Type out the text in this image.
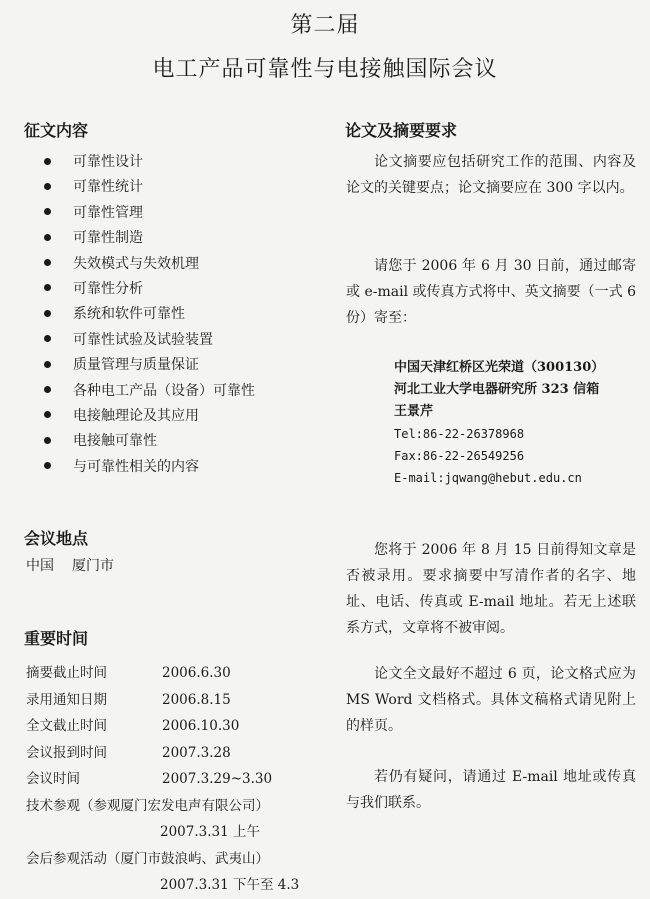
第二届
电工产品可靠性与电接触国际会议
征文内容
可靠性设计
可靠性统计
可靠性管理
可靠性制造
失效模式与失效机理
可靠性分析
系统和软件可靠性
可靠性试验及试验装置
质量管理与质量保证
各种电工产品（设备）可靠性
电接触理论及其应用
电接触可靠性
与可靠性相关的内容
会议地点
中国 厦门市
重要时间
摘要截止时间	2006.6.30
录用通知日期	2006.8.15
全文截止时间	2006.10.30
会议报到时间	2007.3.28
会议时间	2007.3.29~3.30
技术参观（参观厦门宏发电声有限公司）
2007.3.31 上午
会后参观活动（厦门市鼓浪屿、武夷山）
2007.3.31 下午至 4.3
论文及摘要要求
论文摘要应包括研究工作的范围、内容及论文的关键要点；论文摘要应在 300 字以内。
请您于 2006 年 6 月 30 日前，通过邮寄或 e-mail 或传真方式将中、英文摘要（一式 6 份）寄至：
中国天津红桥区光荣道（300130）
河北工业大学电器研究所 323 信箱
王景芹
Tel:86-22-26378968
Fax:86-22-26549256
E-mail:jqwang@hebut.edu.cn
您将于 2006 年 8 月 15 日前得知文章是否被录用。要求摘要中写清作者的名字、地址、电话、传真或 E-mail 地址。若无上述联系方式，文章将不被审阅。
论文全文最好不超过 6 页，论文格式应为 MS Word 文档格式。具体文稿格式请见附上的样页。
若仍有疑问，请通过 E-mail 地址或传真与我们联系。
